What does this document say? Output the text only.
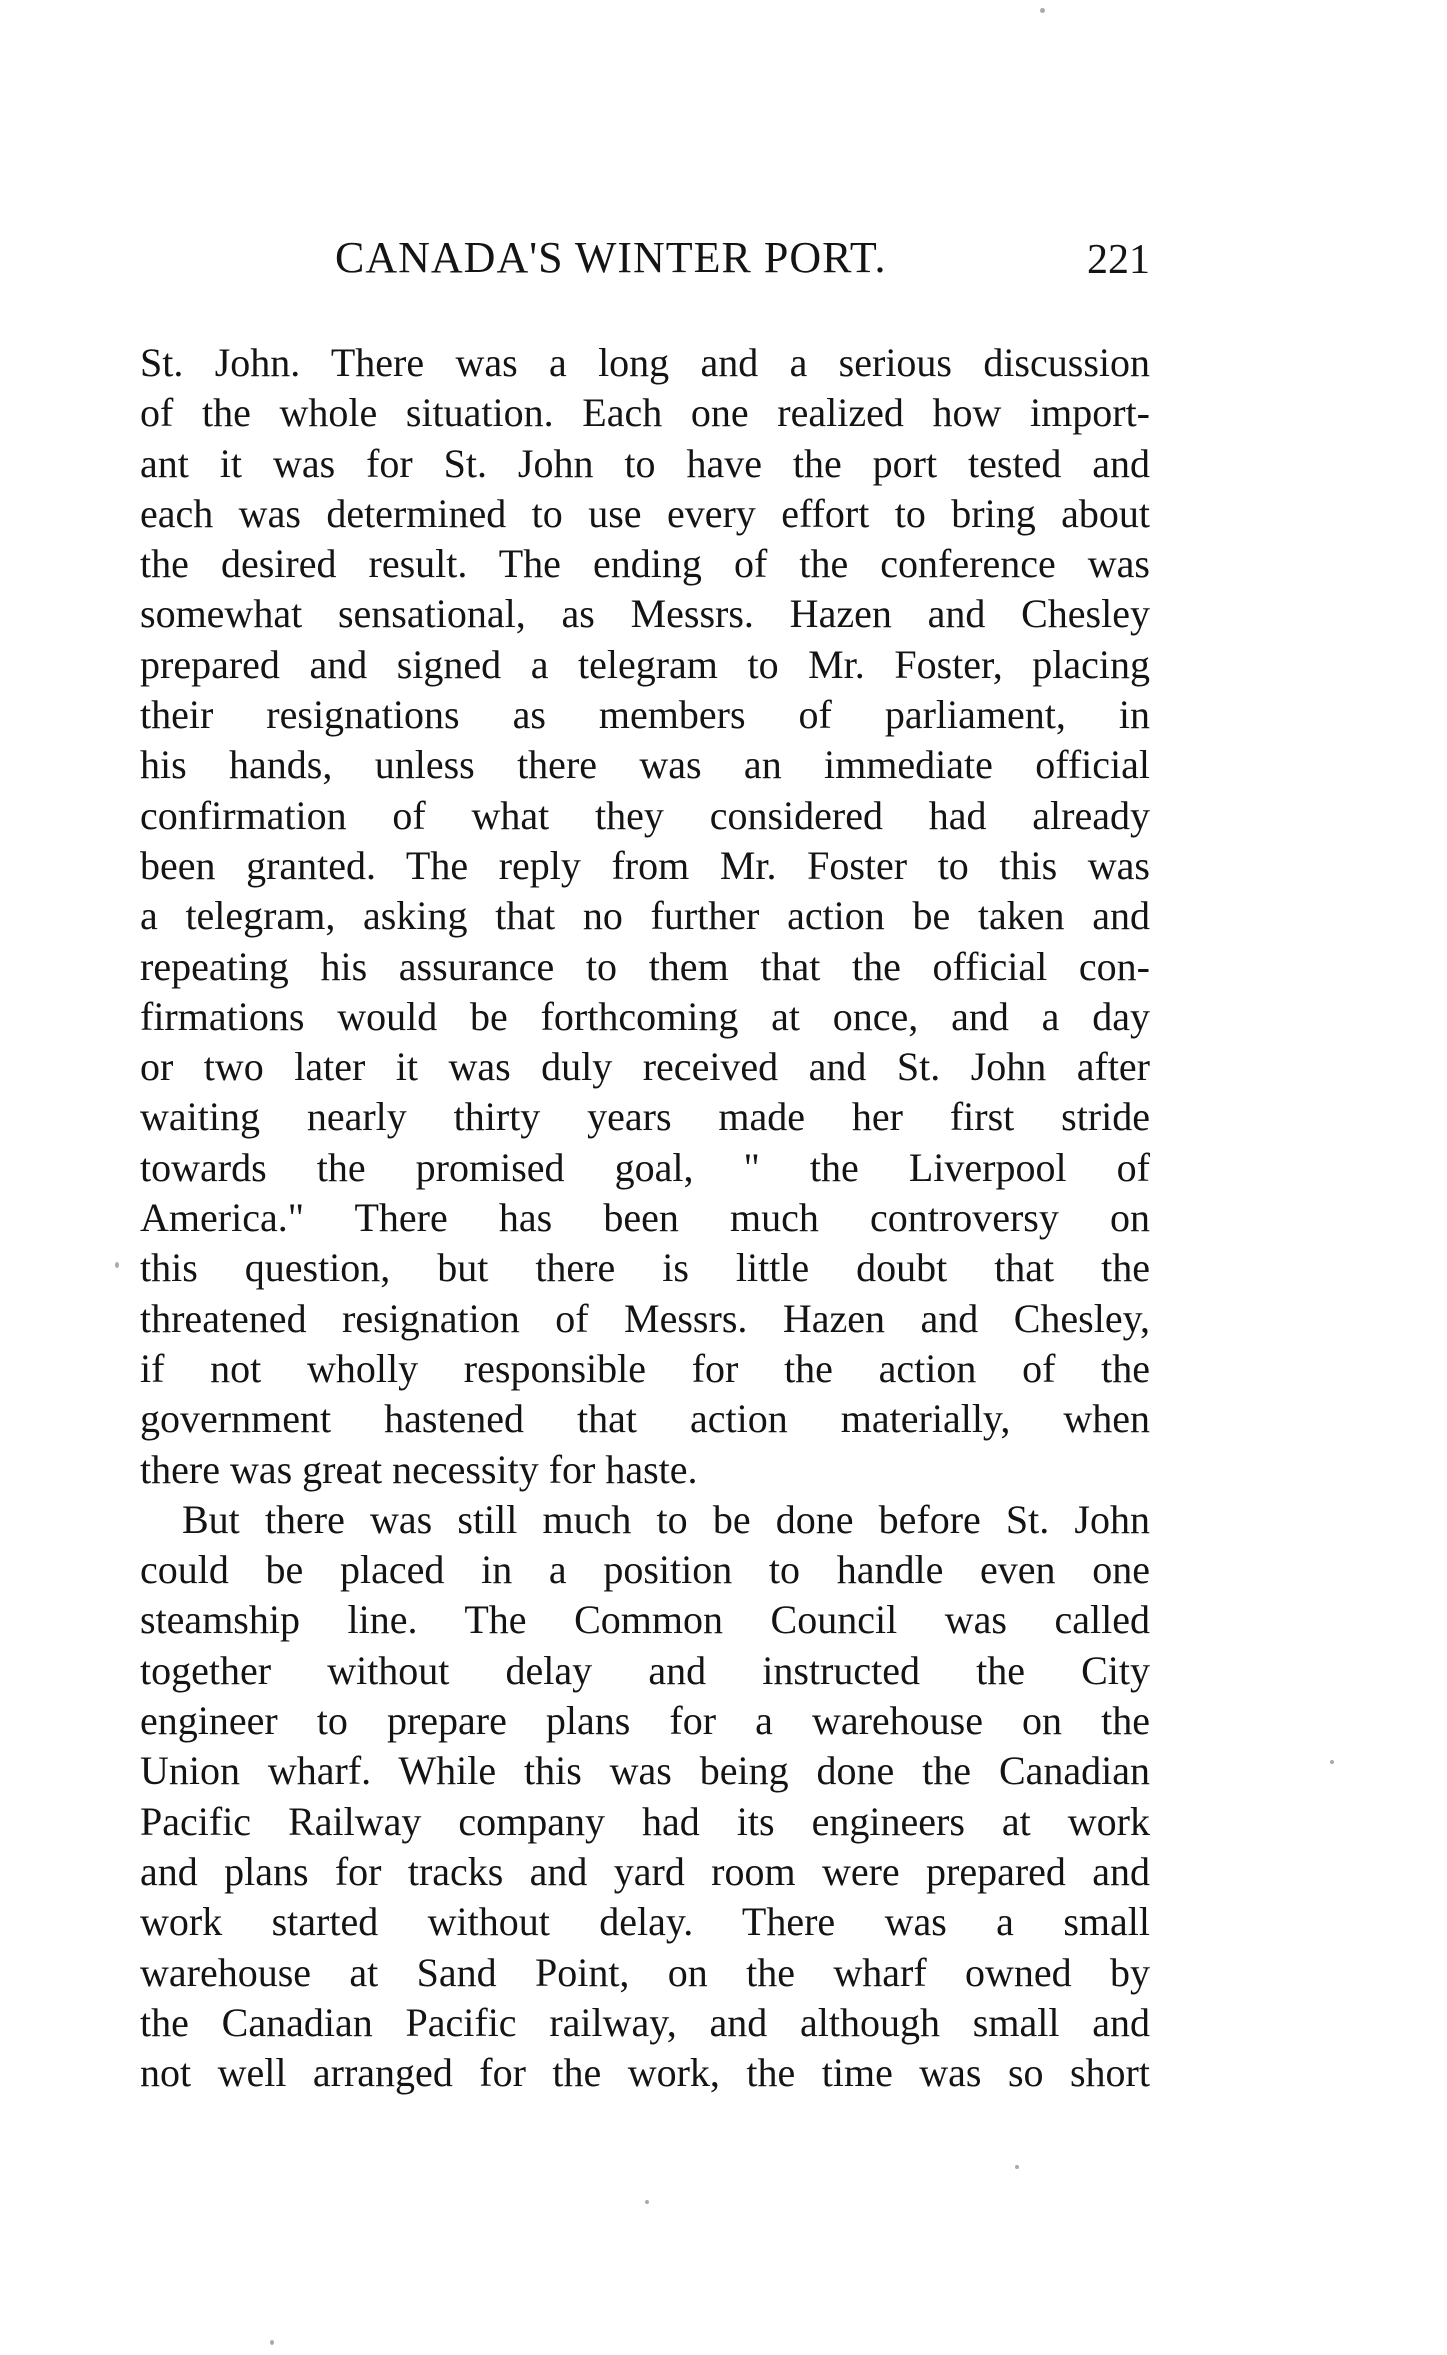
CANADA'S WINTER PORT.	221
St. John. There was a long and a serious discussion
of the whole situation. Each one realized how import-
ant it was for St. John to have the port tested and
each was determined to use every effort to bring about
the desired result. The ending of the conference was
somewhat sensational, as Messrs. Hazen and Chesley
prepared and signed a telegram to Mr. Foster, placing
their resignations as members of parliament, in
his hands, unless there was an immediate official
confirmation of what they considered had already
been granted. The reply from Mr. Foster to this was
a telegram, asking that no further action be taken and
repeating his assurance to them that the official con-
firmations would be forthcoming at once, and a day
or two later it was duly received and St. John after
waiting nearly thirty years made her first stride
towards the promised goal, " the Liverpool of
America." There has been much controversy on
this question, but there is little doubt that the
threatened resignation of Messrs. Hazen and Chesley,
if not wholly responsible for the action of the
government hastened that action materially, when
there was great necessity for haste.
But there was still much to be done before St. John
could be placed in a position to handle even one
steamship line. The Common Council was called
together without delay and instructed the City
engineer to prepare plans for a warehouse on the
Union wharf. While this was being done the Canadian
Pacific Railway company had its engineers at work
and plans for tracks and yard room were prepared and
work started without delay. There was a small
warehouse at Sand Point, on the wharf owned by
the Canadian Pacific railway, and although small and
not well arranged for the work, the time was so short
